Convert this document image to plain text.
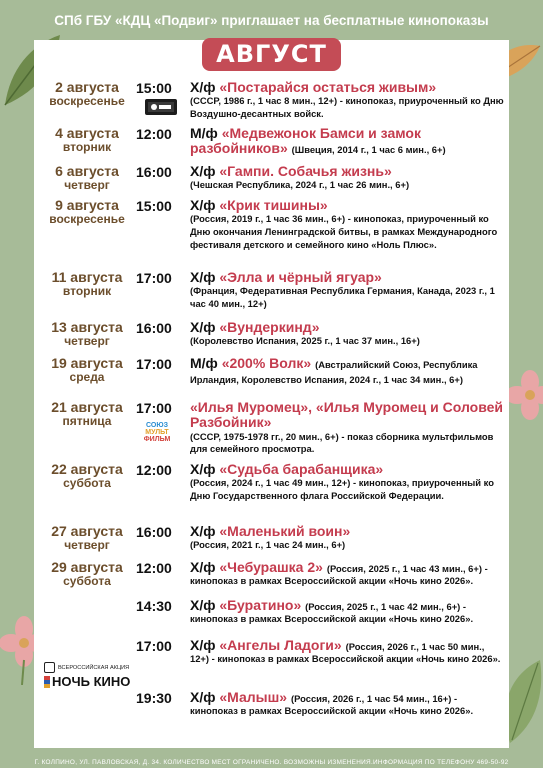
СПб ГБУ «КДЦ «Подвиг» приглашает на бесплатные кинопоказы
АВГУСТ
СОЮЗ
МУЛЬТ
ФИЛЬМ
ВСЕРОССИЙСКАЯ АКЦИЯ
НОЧЬ КИНО
2 августа
воскресенье
15:00	Х/ф «Постарайся остаться живым»
(СССР, 1986 г., 1 час 8 мин., 12+) - кинопоказ, приуроченный ко Дню Воздушно-десантных войск.
4 августа
вторник
12:00	М/ф «Медвежонок Бамси и замок разбойников» (Швеция, 2014 г., 1 час 6 мин., 6+)
6 августа
четверг
16:00	Х/ф «Гампи. Собачья жизнь»
(Чешская Республика, 2024 г., 1 час 26 мин., 6+)
9 августа
воскресенье
15:00	Х/ф «Крик тишины»
(Россия, 2019 г., 1 час 36 мин., 6+) - кинопоказ, приуроченный ко Дню окончания Ленинградской битвы, в рамках Международного фестиваля детского и семейного кино «Ноль Плюс».
11 августа
вторник
17:00	Х/ф «Элла и чёрный ягуар»
(Франция, Федеративная Республика Германия, Канада, 2023 г., 1 час 40 мин., 12+)
13 августа
четверг
16:00	Х/ф «Вундеркинд»
(Королевство Испания, 2025 г., 1 час 37 мин., 16+)
19 августа
среда
17:00	М/ф «200% Волк» (Австралийский Союз, Республика Ирландия, Королевство Испания, 2024 г., 1 час 34 мин., 6+)
21 августа
пятница
17:00	«Илья Муромец», «Илья Муромец и Соловей Разбойник»
(СССР, 1975-1978 гг., 20 мин., 6+) - показ сборника мультфильмов для семейного просмотра.
22 августа
суббота
12:00	Х/ф «Судьба барабанщика»
(Россия, 2024 г., 1 час 49 мин., 12+) - кинопоказ, приуроченный ко Дню Государственного флага Российской Федерации.
27 августа
четверг
16:00	Х/ф «Маленький воин»
(Россия, 2021 г., 1 час 24 мин., 6+)
29 августа
суббота
12:00	Х/ф «Чебурашка 2» (Россия, 2025 г., 1 час 43 мин., 6+) -
кинопоказ в рамках Всероссийской акции «Ночь кино 2026».
14:30	Х/ф «Буратино» (Россия, 2025 г., 1 час 42 мин., 6+) -
кинопоказ в рамках Всероссийской акции «Ночь кино 2026».
17:00	Х/ф «Ангелы Ладоги» (Россия, 2026 г., 1 час 50 мин.,
12+) - кинопоказ в рамках Всероссийской акции «Ночь кино 2026».
19:30	Х/ф «Малыш» (Россия, 2026 г., 1 час 54 мин., 16+) -
кинопоказ в рамках Всероссийской акции «Ночь кино 2026».
Г. КОЛПИНО, УЛ. ПАВЛОВСКАЯ, Д. 34. КОЛИЧЕСТВО МЕСТ ОГРАНИЧЕНО. ВОЗМОЖНЫ ИЗМЕНЕНИЯ.ИНФОРМАЦИЯ ПО ТЕЛЕФОНУ 469-50-92
